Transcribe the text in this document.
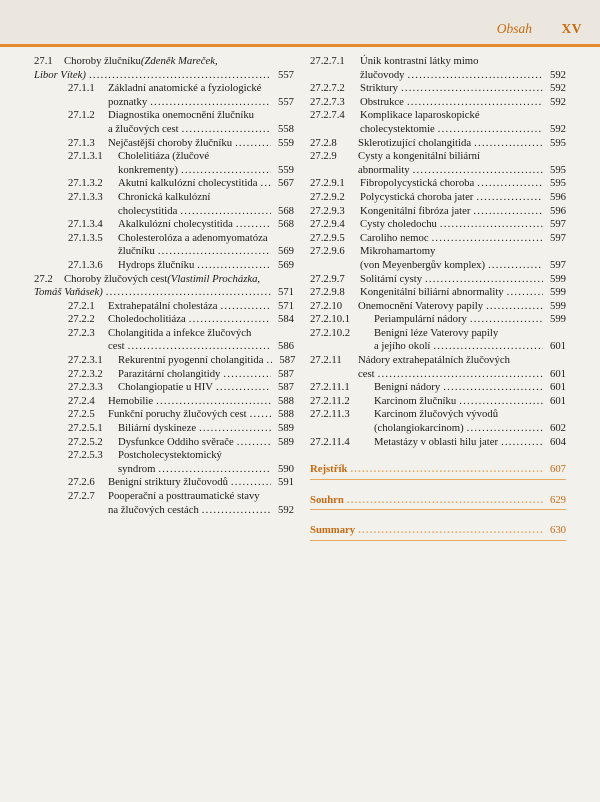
Obsah XV
27.1	Choroby žlučníku (Zdeněk Mareček,
Libor Vítek) .....	557
27.1.1	Základní anatomické a fyziologické
poznatky .....	557
27.1.2	Diagnostika onemocnění žlučníku
a žlučových cest .....	558
27.1.3	Nejčastější choroby žlučníku .....	559
27.1.3.1	Cholelitiáza (žlučové
konkrementy) .....	559
27.1.3.2	Akutní kalkulózní cholecystitida .....	567
27.1.3.3	Chronická kalkulózní
cholecystitida .....	568
27.1.3.4	Akalkulózní cholecystitida .....	568
27.1.3.5	Cholesterolóza a adenomyomatóza
žlučníku .....	569
27.1.3.6	Hydrops žlučníku .....	569
27.2	Choroby žlučových cest (Vlastimil Procházka,
Tomáš Vaňásek) .....	571
27.2.1	Extrahepatální cholestáza .....	571
27.2.2	Choledocholitiáza .....	584
27.2.3	Cholangitida a infekce žlučových
cest .....	586
27.2.3.1	Rekurentní pyogenní cholangitida .....	587
27.2.3.2	Parazitární cholangitidy .....	587
27.2.3.3	Cholangiopatie u HIV .....	587
27.2.4	Hemobilie .....	588
27.2.5	Funkční poruchy žlučových cest .....	588
27.2.5.1	Biliární dyskineze .....	589
27.2.5.2	Dysfunkce Oddiho svěrače .....	589
27.2.5.3	Postcholecystektomický
syndrom .....	590
27.2.6	Benigní striktury žlučovodů .....	591
27.2.7	Pooperační a posttraumatické stavy
na žlučových cestách .....	592
27.2.7.1	Únik kontrastní látky mimo
žlučovody .....	592
27.2.7.2	Striktury .....	592
27.2.7.3	Obstrukce .....	592
27.2.7.4	Komplikace laparoskopické
cholecystektomie .....	592
27.2.8	Sklerotizující cholangitida .....	595
27.2.9	Cysty a kongenitální biliární
abnormality .....	595
27.2.9.1	Fibropolycystická choroba .....	595
27.2.9.2	Polycystická choroba jater .....	596
27.2.9.3	Kongenitální fibróza jater .....	596
27.2.9.4	Cysty choledochu .....	597
27.2.9.5	Caroliho nemoc .....	597
27.2.9.6	Mikrohamartomy
(von Meyenbergův komplex) .....	597
27.2.9.7	Solitární cysty .....	599
27.2.9.8	Kongenitální biliární abnormality .....	599
27.2.10	Onemocnění Vaterovy papily .....	599
27.2.10.1	Periampulární nádory .....	599
27.2.10.2	Benigní léze Vaterovy papily
a jejího okolí .....	601
27.2.11	Nádory extrahepatálních žlučových
cest .....	601
27.2.11.1	Benigní nádory .....	601
27.2.11.2	Karcinom žlučníku .....	601
27.2.11.3	Karcinom žlučových vývodů
(cholangiokarcinom) .....	602
27.2.11.4	Metastázy v oblasti hilu jater .....	604
Rejstřík .....	607
Souhrn .....	629
Summary .....	630
